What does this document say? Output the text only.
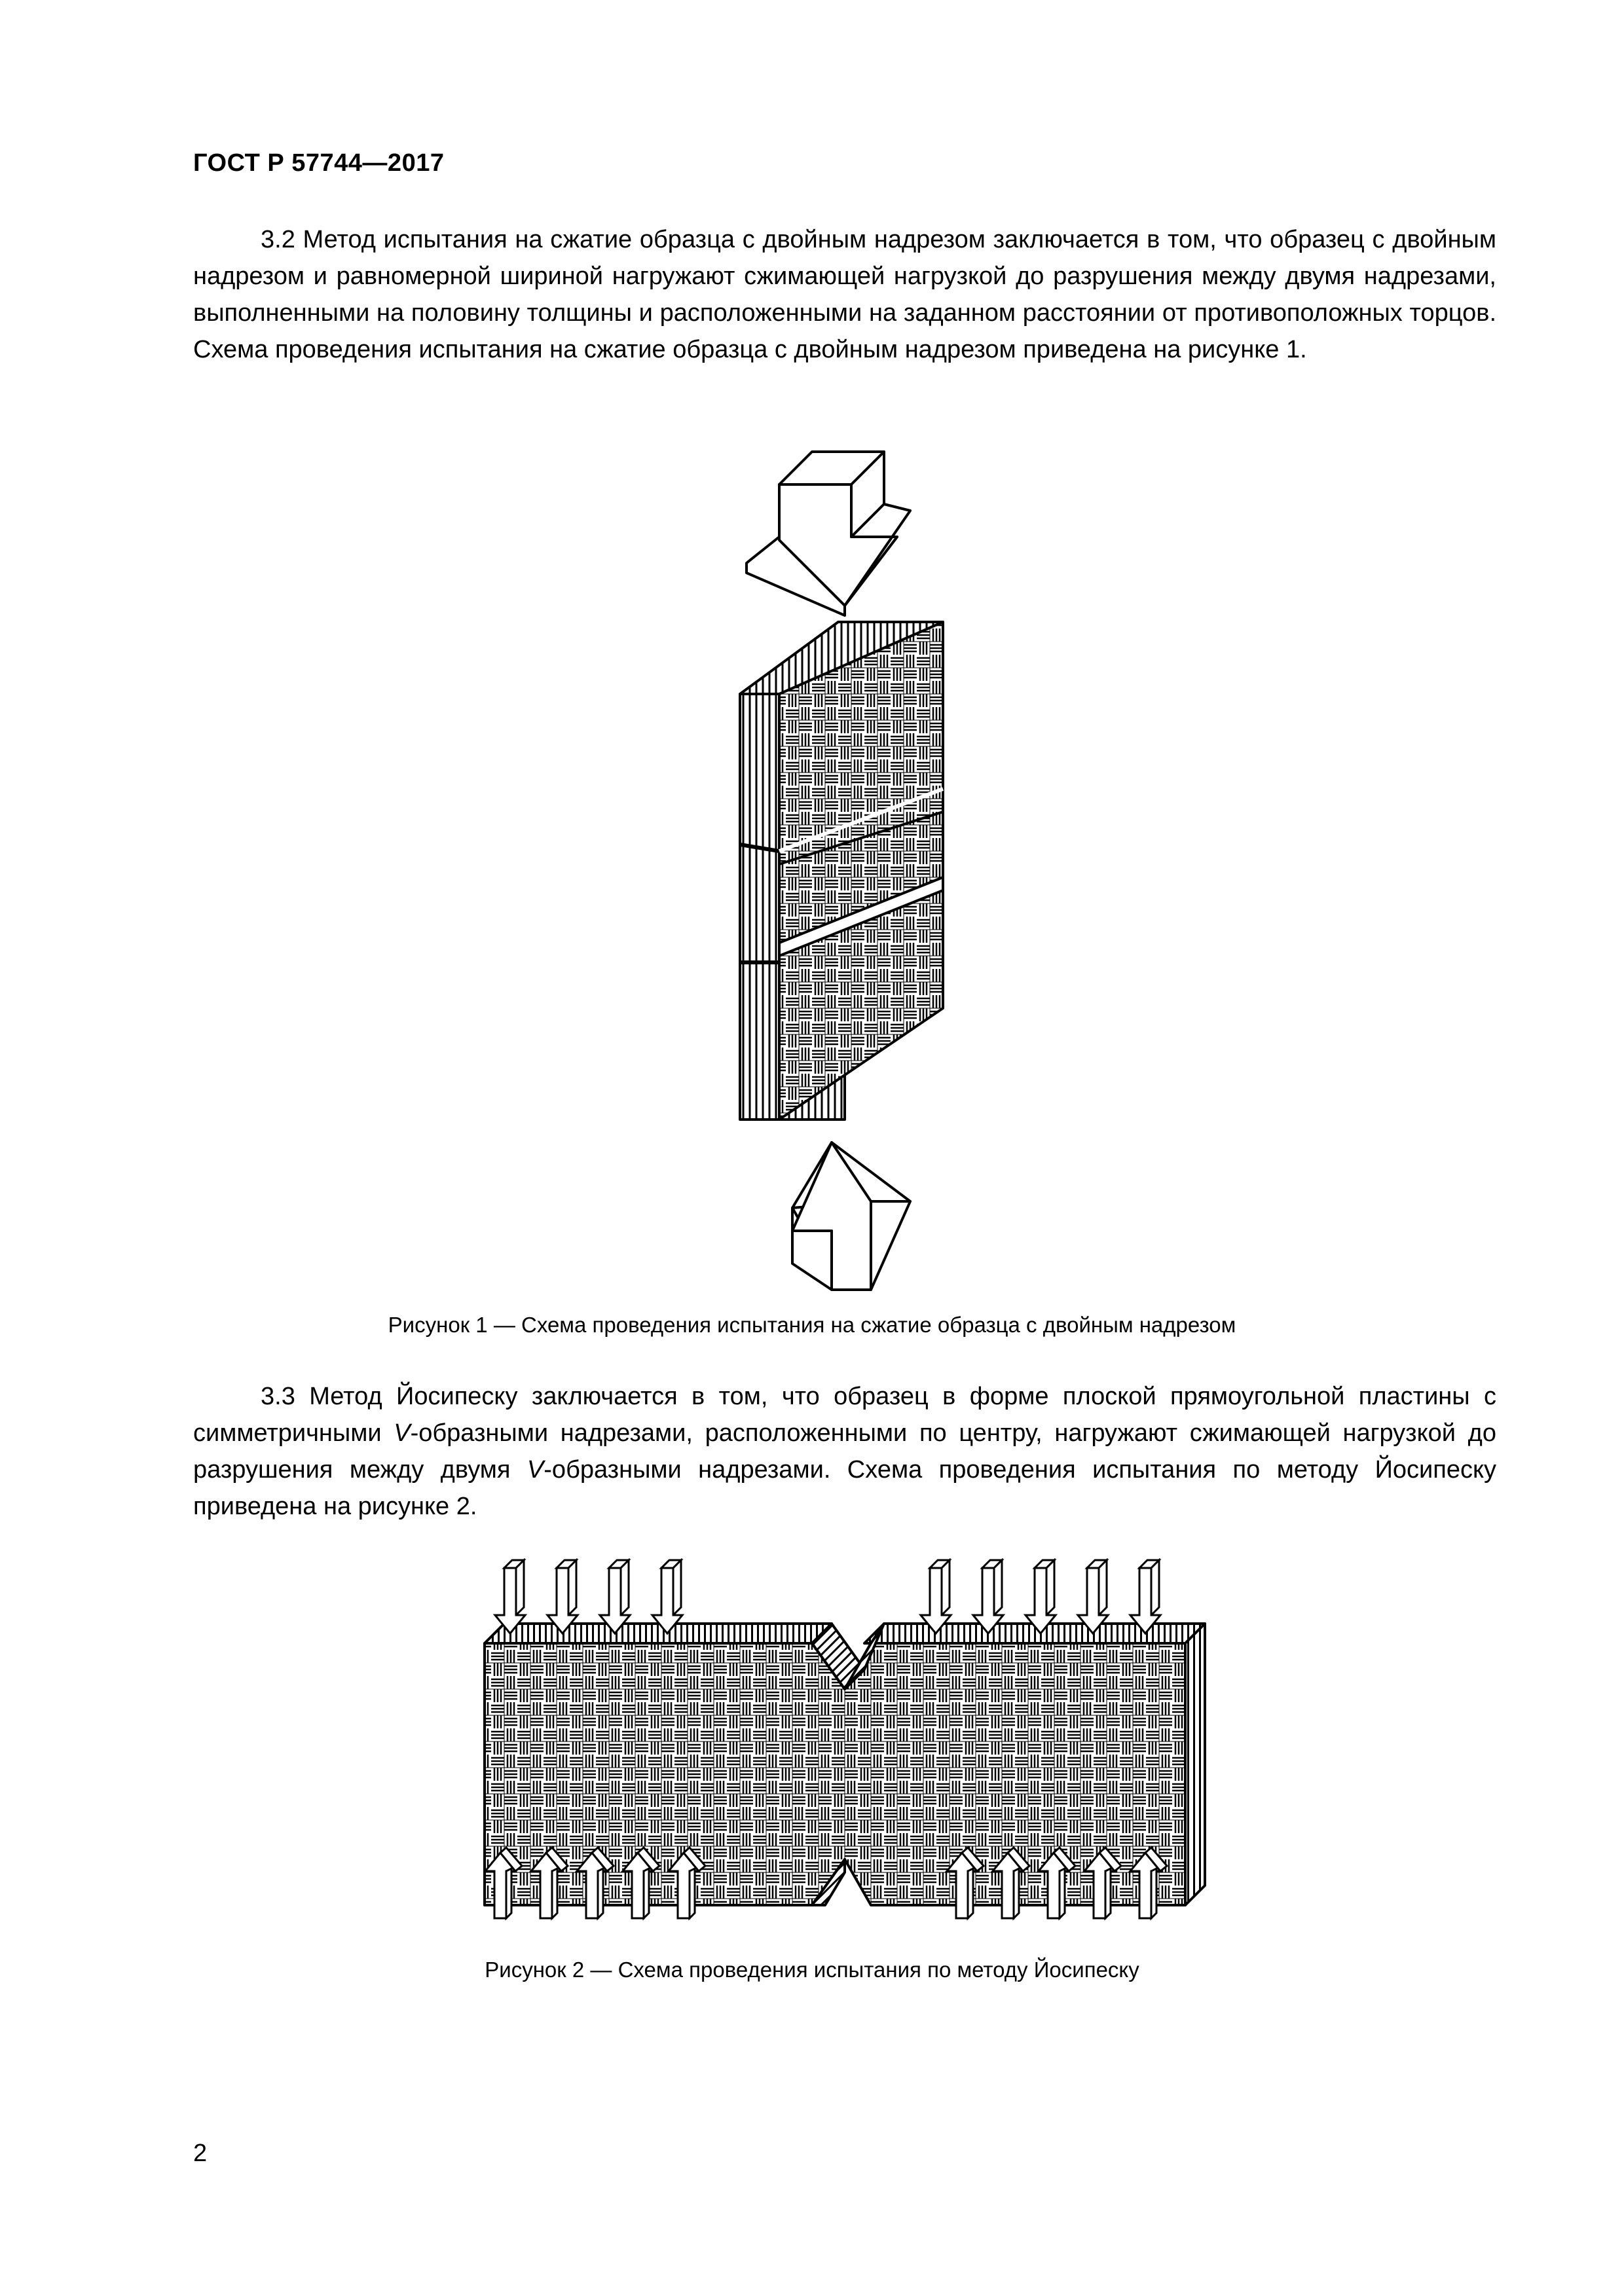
ГОСТ Р 57744—2017

3.2 Метод испытания на сжатие образца с двойным надрезом заключается в том, что образец с двойным надрезом и равномерной шириной нагружают сжимающей нагрузкой до разрушения между двумя надрезами, выполненными на половину толщины и расположенными на заданном расстоянии от противоположных торцов. Схема проведения испытания на сжатие образца с двойным надрезом приведена на рисунке 1.

Рисунок 1 — Схема проведения испытания на сжатие образца с двойным надрезом

3.3 Метод Йосипеску заключается в том, что образец в форме плоской прямоугольной пластины с симметричными V-образными надрезами, расположенными по центру, нагружают сжимающей нагрузкой до разрушения между двумя V-образными надрезами. Схема проведения испытания по методу Йосипеску приведена на рисунке 2.

Рисунок 2 — Схема проведения испытания по методу Йосипеску
2
